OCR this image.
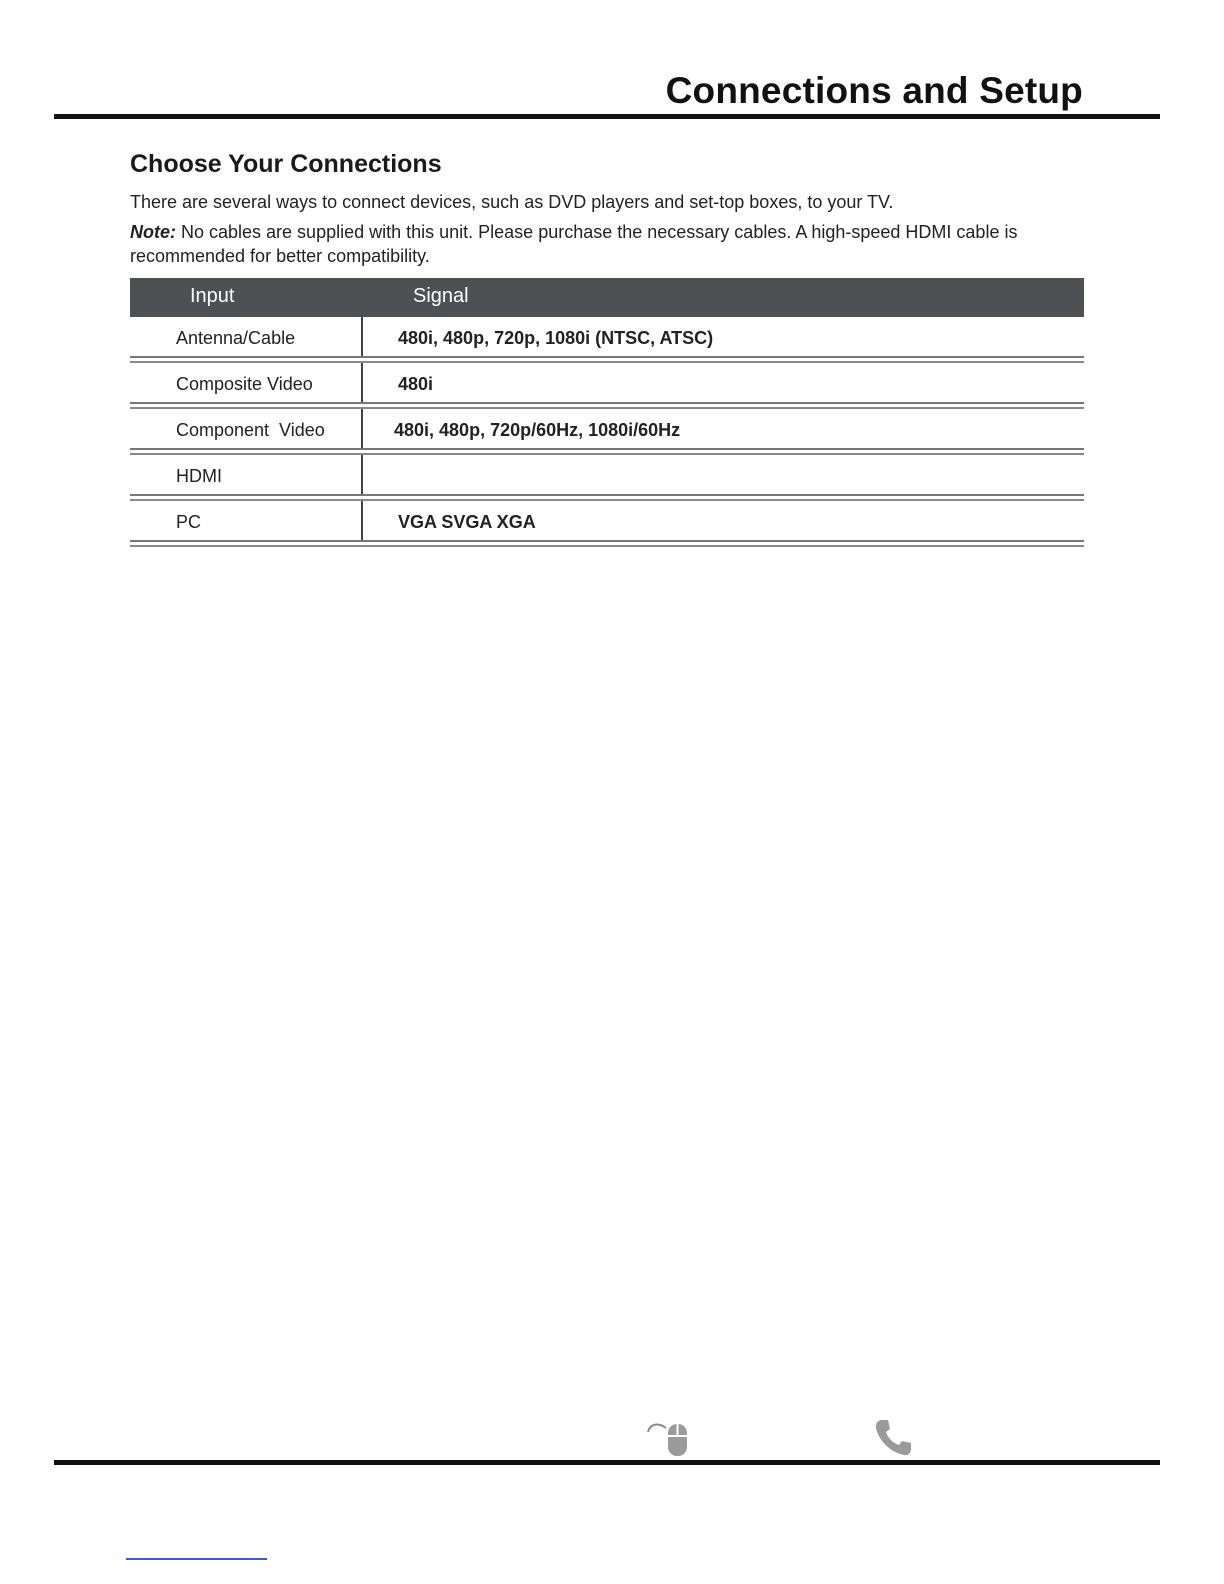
Connections and Setup
Choose Your Connections

There are several ways to connect devices, such as DVD players and set-top boxes, to your TV.

Note: No cables are supplied with this unit. Please purchase the necessary cables. A high-speed HDMI cable is recommended for better compatibility.

Input	Signal
Antenna/Cable	480i, 480p, 720p, 1080i (NTSC, ATSC)
Composite Video	480i
Component  Video	480i, 480p, 720p/60Hz, 1080i/60Hz
HDMI
PC	VGA SVGA XGA
